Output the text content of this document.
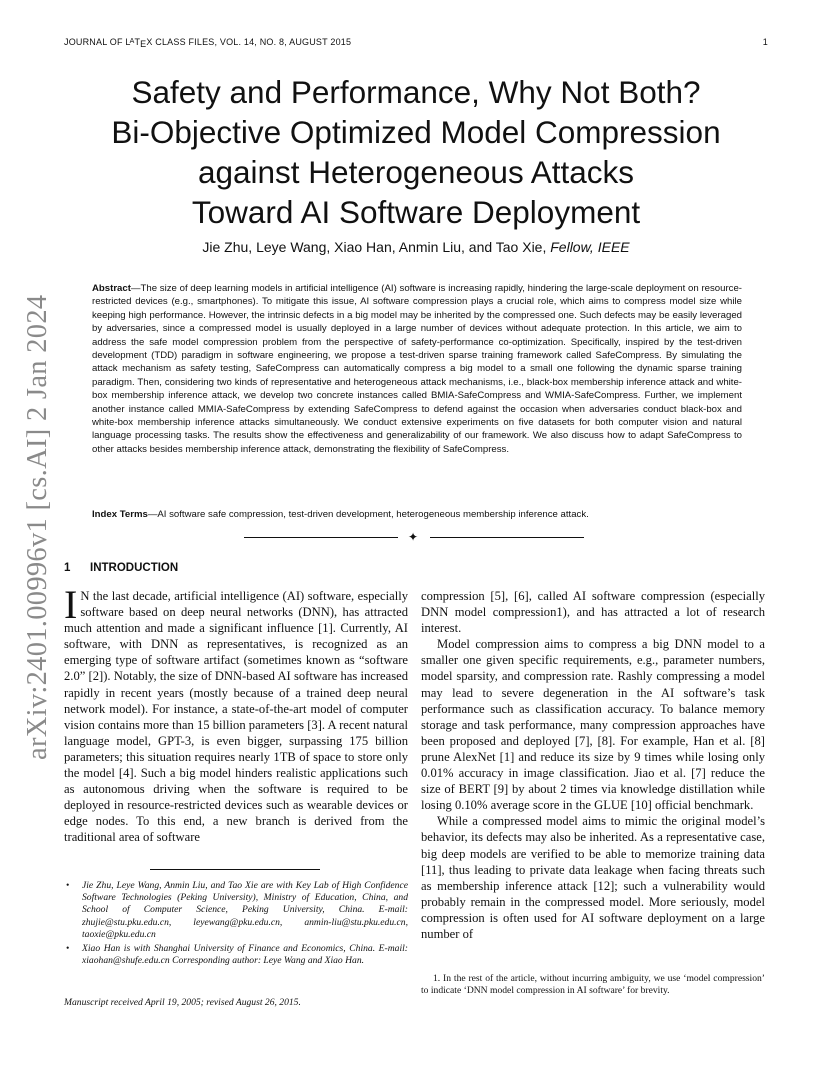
JOURNAL OF $L^ATEX$ CLASS FILES, VOL. 14, NO. 8, AUGUST 2015	1
arXiv:2401.00996v1 [cs.AI] 2 Jan 2024
Safety and Performance, Why Not Both?
Bi-Objective Optimized Model Compression
against Heterogeneous Attacks
Toward AI Software Deployment
Jie Zhu, Leye Wang, Xiao Han, Anmin Liu, and Tao Xie, Fellow, IEEE
Abstract—The size of deep learning models in artificial intelligence (AI) software is increasing rapidly, hindering the large-scale deployment on resource-restricted devices (e.g., smartphones). To mitigate this issue, AI software compression plays a crucial role, which aims to compress model size while keeping high performance. However, the intrinsic defects in a big model may be inherited by the compressed one. Such defects may be easily leveraged by adversaries, since a compressed model is usually deployed in a large number of devices without adequate protection. In this article, we aim to address the safe model compression problem from the perspective of safety-performance co-optimization. Specifically, inspired by the test-driven development (TDD) paradigm in software engineering, we propose a test-driven sparse training framework called SafeCompress. By simulating the attack mechanism as safety testing, SafeCompress can automatically compress a big model to a small one following the dynamic sparse training paradigm. Then, considering two kinds of representative and heterogeneous attack mechanisms, i.e., black-box membership inference attack and white-box membership inference attack, we develop two concrete instances called BMIA-SafeCompress and WMIA-SafeCompress. Further, we implement another instance called MMIA-SafeCompress by extending SafeCompress to defend against the occasion when adversaries conduct black-box and white-box membership inference attacks simultaneously. We conduct extensive experiments on five datasets for both computer vision and natural language processing tasks. The results show the effectiveness and generalizability of our framework. We also discuss how to adapt SafeCompress to other attacks besides membership inference attack, demonstrating the flexibility of SafeCompress.
Index Terms—AI software safe compression, test-driven development, heterogeneous membership inference attack.
✦
1 INTRODUCTION

I N the last decade, artificial intelligence (AI) software, especially software based on deep neural networks (DNN), has attracted much attention and made a significant influence [1]. Currently, AI software, with DNN as representatives, is recognized as an emerging type of software artifact (sometimes known as “software 2.0” [2]). Notably, the size of DNN-based AI software has increased rapidly in recent years (mostly because of a trained deep neural network model). For instance, a state-of-the-art model of computer vision contains more than 15 billion parameters [3]. A recent natural language model, GPT-3, is even bigger, surpassing 175 billion parameters; this situation requires nearly 1TB of space to store only the model [4]. Such a big model hinders realistic applications such as autonomous driving when the software is required to be deployed in resource-restricted devices such as wearable devices or edge nodes. To this end, a new branch is derived from the traditional area of software

compression [5], [6], called AI software compression (especially DNN model compression1), and has attracted a lot of research interest.

Model compression aims to compress a big DNN model to a smaller one given specific requirements, e.g., parameter numbers, model sparsity, and compression rate. Rashly compressing a model may lead to severe degeneration in the AI software’s task performance such as classification accuracy. To balance memory storage and task performance, many compression approaches have been proposed and deployed [7], [8]. For example, Han et al. [8] prune AlexNet [1] and reduce its size by 9 times while losing only 0.01% accuracy in image classification. Jiao et al. [7] reduce the size of BERT [9] by about 2 times via knowledge distillation while losing 0.10% average score in the GLUE [10] official benchmark.

While a compressed model aims to mimic the original model’s behavior, its defects may also be inherited. As a representative case, big deep models are verified to be able to memorize training data [11], thus leading to private data leakage when facing threats such as membership inference attack [12]; such a vulnerability would probably remain in the compressed model. More seriously, model compression is often used for AI software deployment on a large number of

• Jie Zhu, Leye Wang, Anmin Liu, and Tao Xie are with Key Lab of High Confidence Software Technologies (Peking University), Ministry of Education, China, and School of Computer Science, Peking University, China. E-mail: zhujie@stu.pku.edu.cn, leyewang@pku.edu.cn, anmin-liu@stu.pku.edu.cn, taoxie@pku.edu.cn
• Xiao Han is with Shanghai University of Finance and Economics, China. E-mail: xiaohan@shufe.edu.cn Corresponding author: Leye Wang and Xiao Han.
Manuscript received April 19, 2005; revised August 26, 2015.
1. In the rest of the article, without incurring ambiguity, we use ‘model compression’ to indicate ‘DNN model compression in AI software’ for brevity.
